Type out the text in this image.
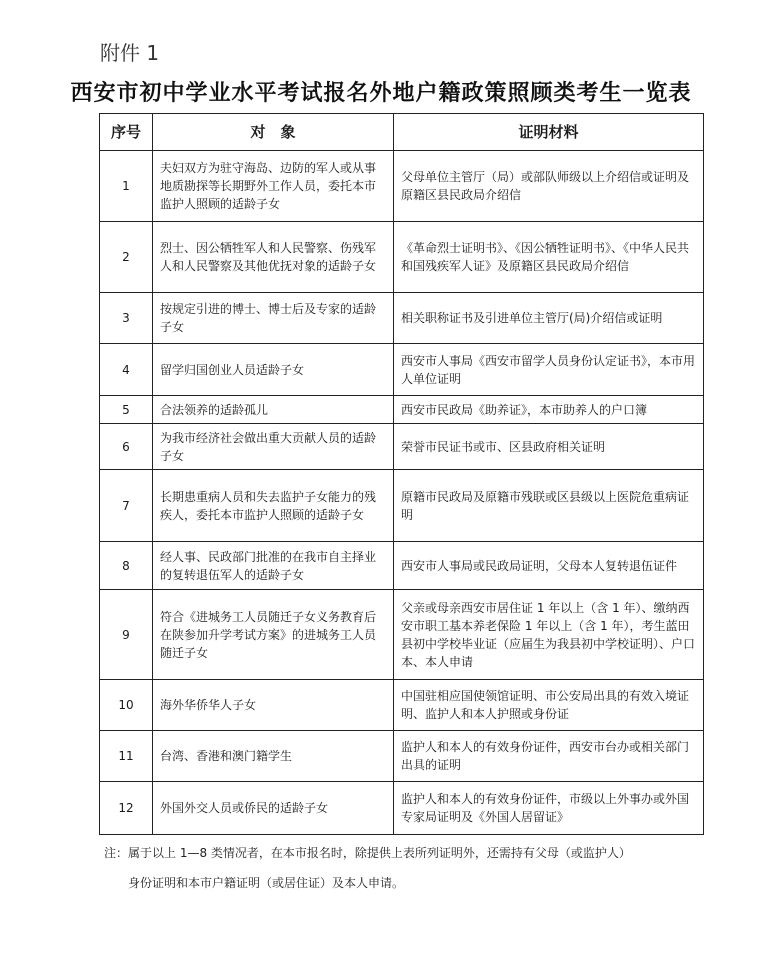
附件 1
西安市初中学业水平考试报名外地户籍政策照顾类考生一览表
序号	对　象	证明材料
1	夫妇双方为驻守海岛、边防的军人或从事地质勘探等长期野外工作人员，委托本市监护人照顾的适龄子女	父母单位主管厅（局）或部队师级以上介绍信或证明及原籍区县民政局介绍信
2	烈士、因公牺牲军人和人民警察、伤残军人和人民警察及其他优抚对象的适龄子女	《革命烈士证明书》、《因公牺牲证明书》、《中华人民共和国残疾军人证》及原籍区县民政局介绍信
3	按规定引进的博士、博士后及专家的适龄子女	相关职称证书及引进单位主管厅(局)介绍信或证明
4	留学归国创业人员适龄子女	西安市人事局《西安市留学人员身份认定证书》，本市用人单位证明
5	合法领养的适龄孤儿	西安市民政局《助养证》，本市助养人的户口簿
6	为我市经济社会做出重大贡献人员的适龄子女	荣誉市民证书或市、区县政府相关证明
7	长期患重病人员和失去监护子女能力的残疾人，委托本市监护人照顾的适龄子女	原籍市民政局及原籍市残联或区县级以上医院危重病证明
8	经人事、民政部门批准的在我市自主择业的复转退伍军人的适龄子女	西安市人事局或民政局证明，父母本人复转退伍证件
9	符合《进城务工人员随迁子女义务教育后在陕参加升学考试方案》的进城务工人员随迁子女	父亲或母亲西安市居住证 1 年以上（含 1 年）、缴纳西安市职工基本养老保险 1 年以上（含 1 年），考生蓝田县初中学校毕业证（应届生为我县初中学校证明）、户口本、本人申请
10	海外华侨华人子女	中国驻相应国使领馆证明、市公安局出具的有效入境证明、监护人和本人护照或身份证
11	台湾、香港和澳门籍学生	监护人和本人的有效身份证件，西安市台办或相关部门出具的证明
12	外国外交人员或侨民的适龄子女	监护人和本人的有效身份证件，市级以上外事办或外国专家局证明及《外国人居留证》
注：属于以上 1—8 类情况者，在本市报名时，除提供上表所列证明外，还需持有父母（或监护人）
身份证明和本市户籍证明（或居住证）及本人申请。
